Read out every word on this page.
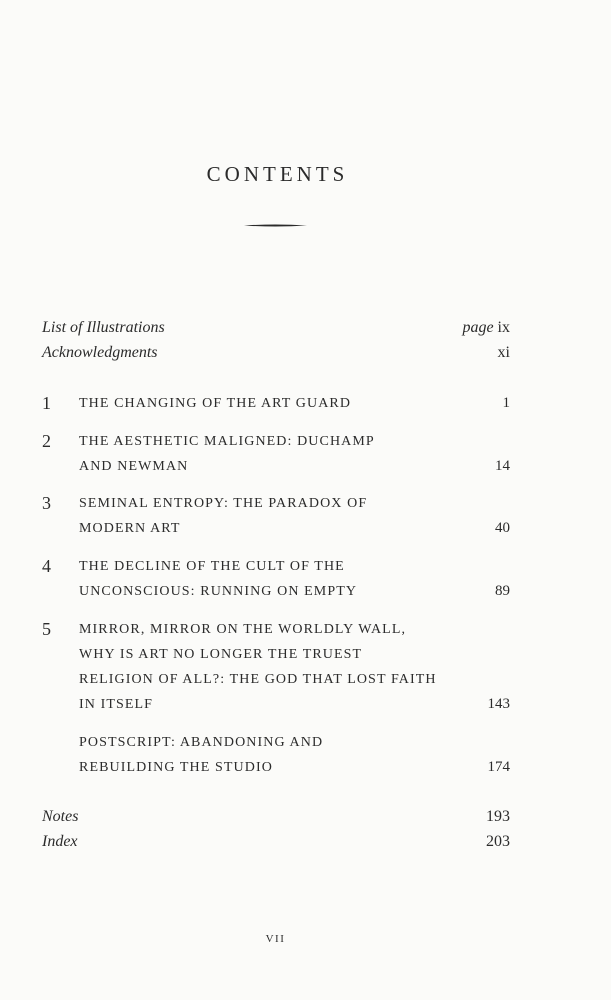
CONTENTS
List of Illustrations	page ix
Acknowledgments	xi
1 THE CHANGING OF THE ART GUARD	1
2 THE AESTHETIC MALIGNED: DUCHAMP
AND NEWMAN	14
3 SEMINAL ENTROPY: THE PARADOX OF
MODERN ART	40
4 THE DECLINE OF THE CULT OF THE
UNCONSCIOUS: RUNNING ON EMPTY	89
5 MIRROR, MIRROR ON THE WORLDLY WALL,
WHY IS ART NO LONGER THE TRUEST
RELIGION OF ALL?: THE GOD THAT LOST FAITH
IN ITSELF	143
POSTSCRIPT: ABANDONING AND
REBUILDING THE STUDIO	174
Notes	193
Index	203
VII
